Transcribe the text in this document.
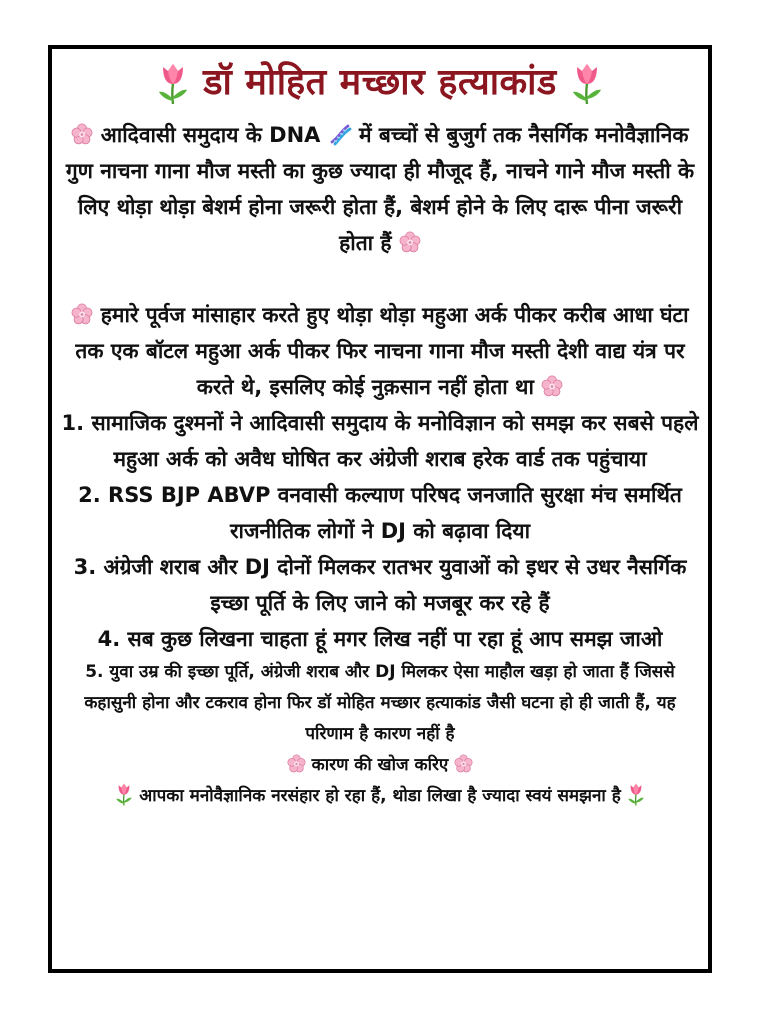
डॉ मोहित मच्छार हत्याकांड

आदिवासी समुदाय के DNA  में बच्चों से बुजुर्ग तक नैसर्गिक मनोवैज्ञानिक गुण नाचना गाना मौज मस्ती का कुछ ज्यादा ही मौजूद हैं, नाचने गाने मौज मस्ती के लिए थोड़ा थोड़ा बेशर्म होना जरूरी होता हैं, बेशर्म होने के लिए दारू पीना जरूरी होता हैं

हमारे पूर्वज मांसाहार करते हुए थोड़ा थोड़ा महुआ अर्क पीकर करीब आधा घंटा तक एक बॉटल महुआ अर्क पीकर फिर नाचना गाना मौज मस्ती देशी वाद्य यंत्र पर करते थे, इसलिए कोई नुक़सान नहीं होता था

1. सामाजिक दुश्मनों ने आदिवासी समुदाय के मनोविज्ञान को समझ कर सबसे पहले महुआ अर्क को अवैध घोषित कर अंग्रेजी शराब हरेक वार्ड तक पहुंचाया

2. RSS BJP ABVP वनवासी कल्याण परिषद जनजाति सुरक्षा मंच समर्थित राजनीतिक लोगों ने DJ को बढ़ावा दिया

3. अंग्रेजी शराब और DJ दोनों मिलकर रातभर युवाओं को इधर से उधर नैसर्गिक इच्छा पूर्ति के लिए जाने को मजबूर कर रहे हैं

4. सब कुछ लिखना चाहता हूं मगर लिख नहीं पा रहा हूं आप समझ जाओ

5. युवा उम्र की इच्छा पूर्ति, अंग्रेजी शराब और DJ मिलकर ऐसा माहौल खड़ा हो जाता हैं जिससे कहासुनी होना और टकराव होना फिर डॉ मोहित मच्छार हत्याकांड जैसी घटना हो ही जाती हैं, यह परिणाम है कारण नहीं है

कारण की खोज करिए

आपका मनोवैज्ञानिक नरसंहार हो रहा हैं, थोडा लिखा है ज्यादा स्वयं समझना है
